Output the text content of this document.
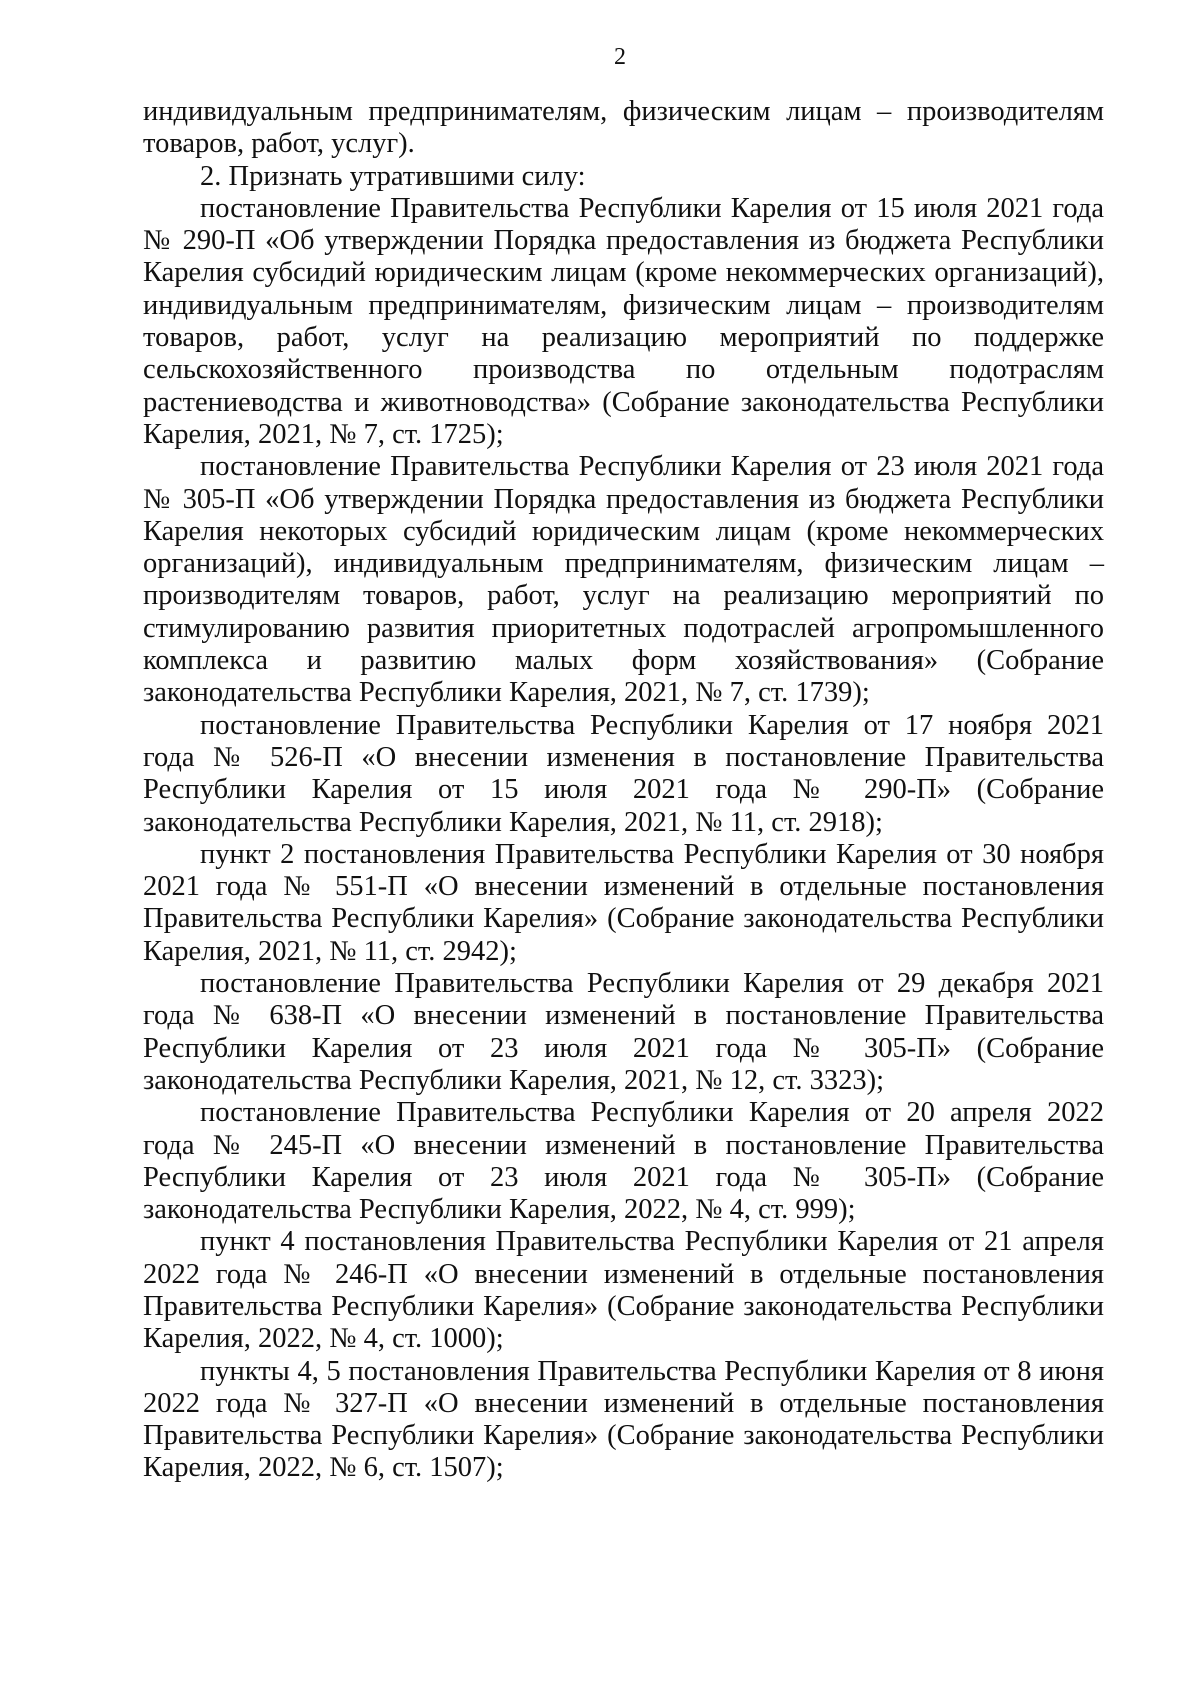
2

индивидуальным предпринимателям, физическим лицам – производителям товаров, работ, услуг).

2. Признать утратившими силу:

постановление Правительства Республики Карелия от 15 июля 2021 года № 290-П «Об утверждении Порядка предоставления из бюджета Республики Карелия субсидий юридическим лицам (кроме некоммерческих организаций), индивидуальным предпринимателям, физическим лицам – производителям товаров, работ, услуг на реализацию мероприятий по поддержке сельскохозяйственного производства по отдельным подотраслям растениеводства и животноводства» (Собрание законодательства Республики Карелия, 2021, № 7, ст. 1725);

постановление Правительства Республики Карелия от 23 июля 2021 года № 305-П «Об утверждении Порядка предоставления из бюджета Республики Карелия некоторых субсидий юридическим лицам (кроме некоммерческих организаций), индивидуальным предпринимателям, физическим лицам – производителям товаров, работ, услуг на реализацию мероприятий по стимулированию развития приоритетных подотраслей агропромышленного комплекса и развитию малых форм хозяйствования» (Собрание законодательства Республики Карелия, 2021, № 7, ст. 1739);

постановление Правительства Республики Карелия от 17 ноября 2021 года № 526-П «О внесении изменения в постановление Правительства Республики Карелия от 15 июля 2021 года № 290-П» (Собрание законодательства Республики Карелия, 2021, № 11, ст. 2918);

пункт 2 постановления Правительства Республики Карелия от 30 ноября 2021 года № 551-П «О внесении изменений в отдельные постановления Правительства Республики Карелия» (Собрание законодательства Республики Карелия, 2021, № 11, ст. 2942);

постановление Правительства Республики Карелия от 29 декабря 2021 года № 638-П «О внесении изменений в постановление Правительства Республики Карелия от 23 июля 2021 года № 305-П» (Собрание законодательства Республики Карелия, 2021, № 12, ст. 3323);

постановление Правительства Республики Карелия от 20 апреля 2022 года № 245-П «О внесении изменений в постановление Правительства Республики Карелия от 23 июля 2021 года № 305-П» (Собрание законодательства Республики Карелия, 2022, № 4, ст. 999);

пункт 4 постановления Правительства Республики Карелия от 21 апреля 2022 года № 246-П «О внесении изменений в отдельные постановления Правительства Республики Карелия» (Собрание законодательства Республики Карелия, 2022, № 4, ст. 1000);

пункты 4, 5 постановления Правительства Республики Карелия от 8 июня 2022 года № 327-П «О внесении изменений в отдельные постановления Правительства Республики Карелия» (Собрание законодательства Республики Карелия, 2022, № 6, ст. 1507);
